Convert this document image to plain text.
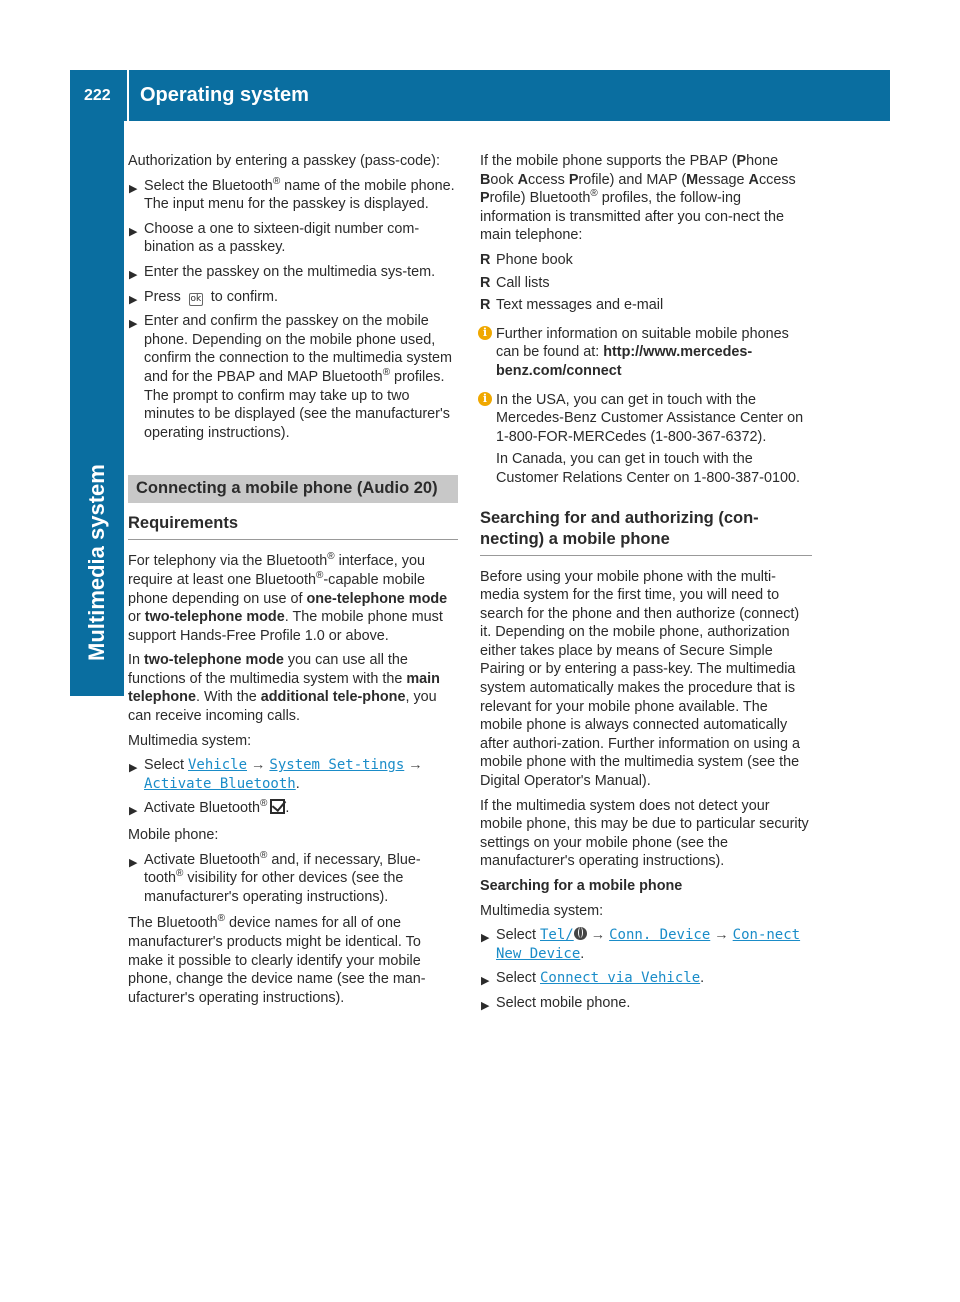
222	Operating system
Multimedia system

Authorization by entering a passkey (pass-code):

▶ Select the Bluetooth® name of the mobile phone.
The input menu for the passkey is displayed.
▶ Choose a one to sixteen-digit number com-bination as a passkey.
▶ Enter the passkey on the multimedia sys-tem.
▶ Press ok to confirm.
▶ Enter and confirm the passkey on the mobile phone. Depending on the mobile phone used, confirm the connection to the multimedia system and for the PBAP and MAP Bluetooth® profiles. The prompt to confirm may take up to two minutes to be displayed (see the manufacturer's operating instructions).
Connecting a mobile phone (Audio 20)
Requirements

For telephony via the Bluetooth® interface, you require at least one Bluetooth®-capable mobile phone depending on use of one-telephone mode or two-telephone mode. The mobile phone must support Hands-Free Profile 1.0 or above.

In two-telephone mode you can use all the functions of the multimedia system with the main telephone. With the additional tele-phone, you can receive incoming calls.

Multimedia system:

▶ Select Vehicle → System Set-tings → Activate Bluetooth.
▶ Activate Bluetooth® .

Mobile phone:

▶ Activate Bluetooth® and, if necessary, Blue-tooth® visibility for other devices (see the manufacturer's operating instructions).

The Bluetooth® device names for all of one manufacturer's products might be identical. To make it possible to clearly identify your mobile phone, change the device name (see the man-ufacturer's operating instructions).

If the mobile phone supports the PBAP (Phone Book Access Profile) and MAP (Message Access Profile) Bluetooth® profiles, the follow-ing information is transmitted after you con-nect the main telephone:

R Phone book
R Call lists
R Text messages and e-mail
i Further information on suitable mobile phones can be found at: http://www.mercedes-benz.com/connect

i In the USA, you can get in touch with the Mercedes-Benz Customer Assistance Center on 1-800-FOR-MERCedes (1-800-367-6372).

In Canada, you can get in touch with the Customer Relations Center on 1-800-387-0100.

Searching for and authorizing (con-necting) a mobile phone

Before using your mobile phone with the multi-media system for the first time, you will need to search for the phone and then authorize (connect) it. Depending on the mobile phone, authorization either takes place by means of Secure Simple Pairing or by entering a pass-key. The multimedia system automatically makes the procedure that is relevant for your mobile phone available. The mobile phone is always connected automatically after authori-zation. Further information on using a mobile phone with the multimedia system (see the Digital Operator's Manual).

If the multimedia system does not detect your mobile phone, this may be due to particular security settings on your mobile phone (see the manufacturer's operating instructions).

Searching for a mobile phone

Multimedia system:

▶ Select Tel/ → Conn. Device → Con-nect New Device.
▶ Select Connect via Vehicle.
▶ Select mobile phone.
